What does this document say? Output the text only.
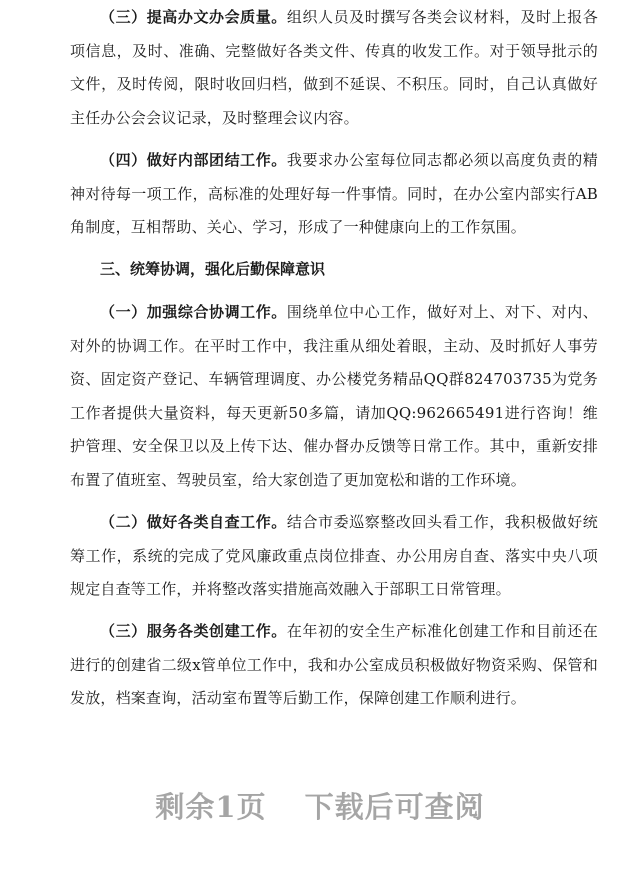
（三）提高办文办会质量。组织人员及时撰写各类会议材料，及时上报各项信息，及时、准确、完整做好各类文件、传真的收发工作。对于领导批示的文件，及时传阅，限时收回归档，做到不延误、不积压。同时，自己认真做好主任办公会会议记录，及时整理会议内容。

（四）做好内部团结工作。我要求办公室每位同志都必须以高度负责的精神对待每一项工作，高标准的处理好每一件事情。同时，在办公室内部实行AB角制度，互相帮助、关心、学习，形成了一种健康向上的工作氛围。

三、统筹协调，强化后勤保障意识

（一）加强综合协调工作。围绕单位中心工作，做好对上、对下、对内、对外的协调工作。在平时工作中，我注重从细处着眼，主动、及时抓好人事劳资、固定资产登记、车辆管理调度、办公楼党务精品QQ群824703735为党务工作者提供大量资料，每天更新50多篇，请加QQ:962665491进行咨询！维护管理、安全保卫以及上传下达、催办督办反馈等日常工作。其中，重新安排布置了值班室、驾驶员室，给大家创造了更加宽松和谐的工作环境。

（二）做好各类自查工作。结合市委巡察整改回头看工作，我积极做好统筹工作，系统的完成了党风廉政重点岗位排查、办公用房自查、落实中央八项规定自查等工作，并将整改落实措施高效融入于部职工日常管理。

（三）服务各类创建工作。在年初的安全生产标准化创建工作和目前还在进行的创建省二级x管单位工作中，我和办公室成员积极做好物资采购、保管和发放，档案查询，活动室布置等后勤工作，保障创建工作顺利进行。

剩余1页 下载后可查阅
